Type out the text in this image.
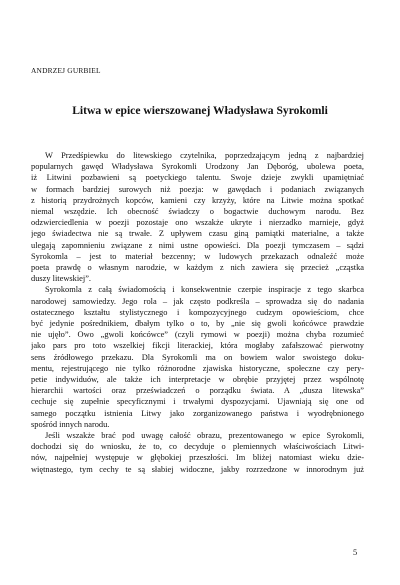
ANDRZEJ GURBIEL
Litwa w epice wierszowanej Władysława Syrokomli
W Przedśpiewku do litewskiego czytelnika, poprzedzającym jedną z najbardziej
popularnych gawęd Władysława Syrokomli Urodzony Jan Dęboróg, ubolewa poeta,
iż Litwini pozbawieni są poetyckiego talentu. Swoje dzieje zwykli upamiętniać
w formach bardziej surowych niż poezja: w gawędach i podaniach związanych
z historią przydrożnych kopców, kamieni czy krzyży, które na Litwie można spotkać
niemal wszędzie. Ich obecność świadczy o bogactwie duchowym narodu. Bez
odzwierciedlenia w poezji pozostaje ono wszakże ukryte i nierzadko marnieje, gdyż
jego świadectwa nie są trwałe. Z upływem czasu giną pamiątki materialne, a także
ulegają zapomnieniu związane z nimi ustne opowieści. Dla poezji tymczasem – sądzi
Syrokomla – jest to materiał bezcenny; w ludowych przekazach odnaleźć może
poeta prawdę o własnym narodzie, w każdym z nich zawiera się przecież „cząstka
duszy litewskiej”.
Syrokomla z całą świadomością i konsekwentnie czerpie inspiracje z tego skarbca
narodowej samowiedzy. Jego rola – jak często podkreśla – sprowadza się do nadania
ostatecznego kształtu stylistycznego i kompozycyjnego cudzym opowieściom, chce
być jedynie pośrednikiem, dbałym tylko o to, by „nie się gwoli końcówce prawdzie
nie ujęło”. Owo „gwoli końcówce” (czyli rymowi w poezji) można chyba rozumieć
jako pars pro toto wszelkiej fikcji literackiej, która mogłaby zafałszować pierwotny
sens źródłowego przekazu. Dla Syrokomli ma on bowiem walor swoistego doku-
mentu, rejestrującego nie tylko różnorodne zjawiska historyczne, społeczne czy pery-
petie indywiduów, ale także ich interpretacje w obrębie przyjętej przez wspólnotę
hierarchii wartości oraz przeświadczeń o porządku świata. A „dusza litewska”
cechuje się zupełnie specyficznymi i trwałymi dyspozycjami. Ujawniają się one od
samego początku istnienia Litwy jako zorganizowanego państwa i wyodrębnionego
spośród innych narodu.
Jeśli wszakże brać pod uwagę całość obrazu, prezentowanego w epice Syrokomli,
dochodzi się do wniosku, że to, co decyduje o plemiennych właściwościach Litwi-
nów, najpełniej występuje w głębokiej przeszłości. Im bliżej natomiast wieku dzie-
więtnastego, tym cechy te są słabiej widoczne, jakby rozrzedzone w innorodnym już
5
